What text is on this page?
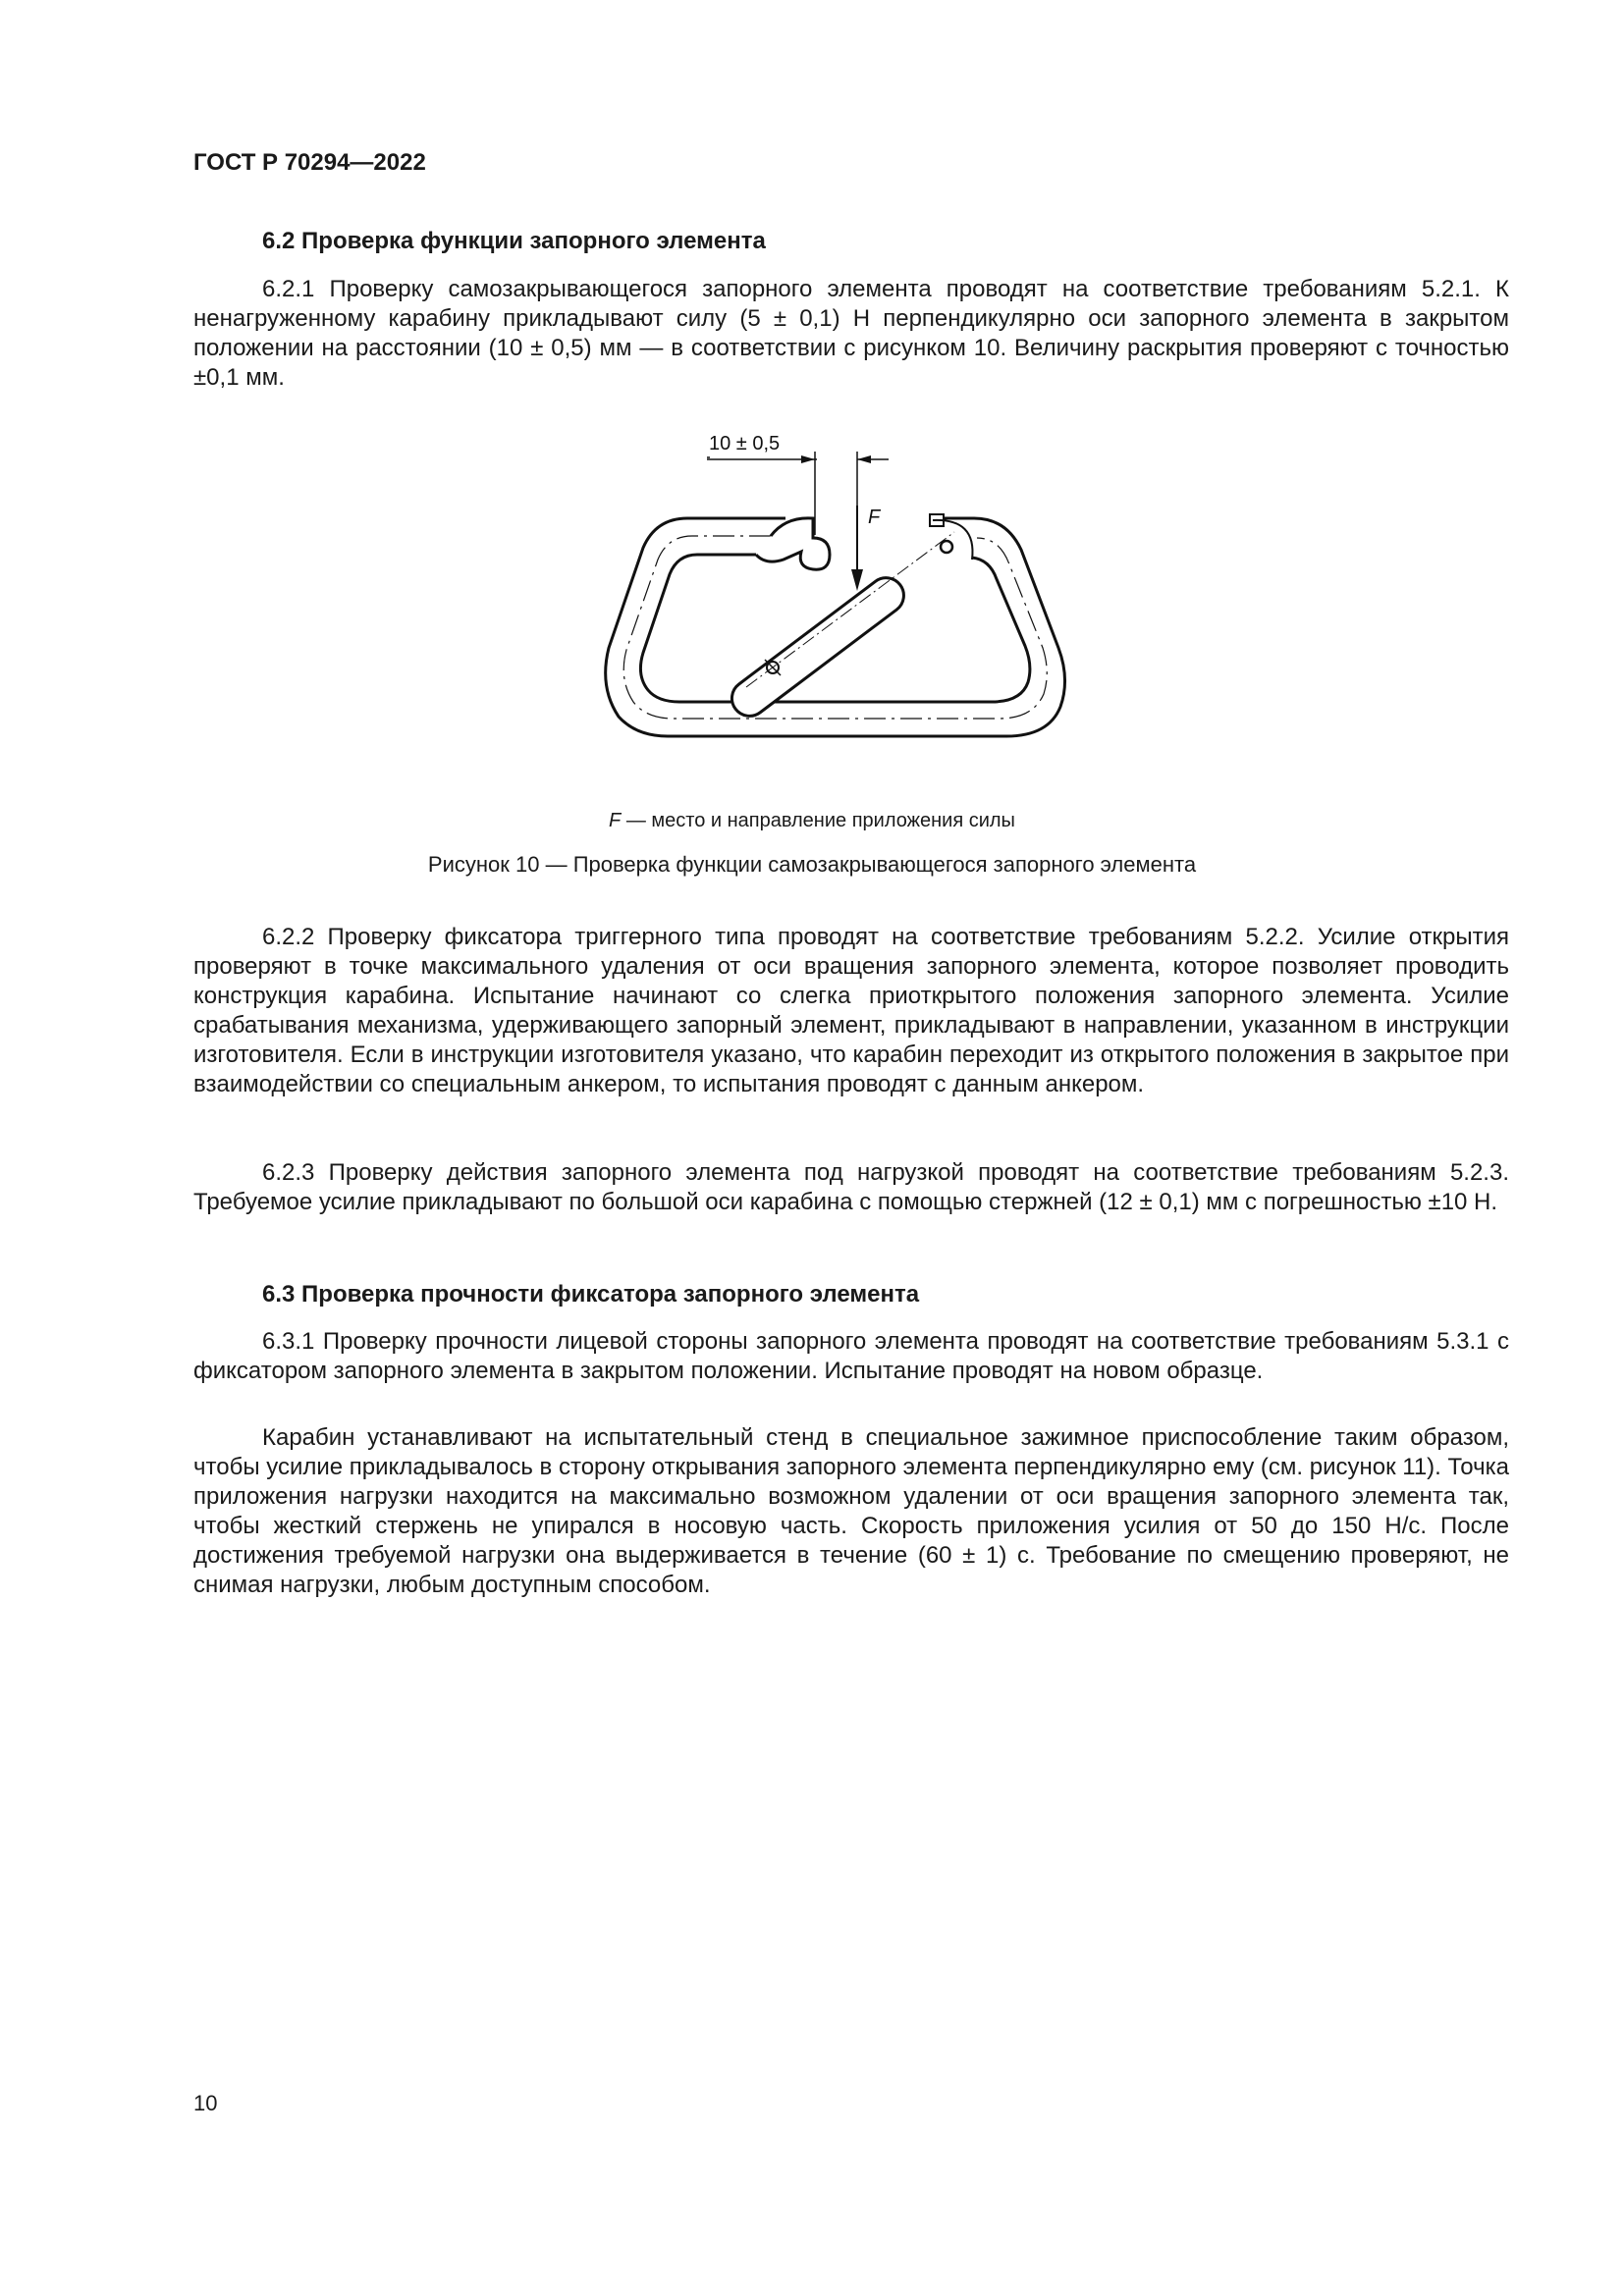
ГОСТ Р 70294—2022
6.2 Проверка функции запорного элемента

6.2.1 Проверку самозакрывающегося запорного элемента проводят на соответствие требованиям 5.2.1. К ненагруженному карабину прикладывают силу (5 ± 0,1) Н перпендикулярно оси запорного элемента в закрытом положении на расстоянии (10 ± 0,5) мм — в соответствии с рисунком 10. Величину раскрытия проверяют с точностью ±0,1 мм.

10 ± 0,5
F
F — место и направление приложения силы
Рисунок 10 — Проверка функции самозакрывающегося запорного элемента

6.2.2 Проверку фиксатора триггерного типа проводят на соответствие требованиям 5.2.2. Усилие открытия проверяют в точке максимального удаления от оси вращения запорного элемента, которое позволяет проводить конструкция карабина. Испытание начинают со слегка приоткрытого положения запорного элемента. Усилие срабатывания механизма, удерживающего запорный элемент, прикладывают в направлении, указанном в инструкции изготовителя. Если в инструкции изготовителя указано, что карабин переходит из открытого положения в закрытое при взаимодействии со специальным анкером, то испытания проводят с данным анкером.

6.2.3 Проверку действия запорного элемента под нагрузкой проводят на соответствие требованиям 5.2.3. Требуемое усилие прикладывают по большой оси карабина с помощью стержней (12 ± 0,1) мм с погрешностью ±10 Н.

6.3 Проверка прочности фиксатора запорного элемента

6.3.1 Проверку прочности лицевой стороны запорного элемента проводят на соответствие требованиям 5.3.1 с фиксатором запорного элемента в закрытом положении. Испытание проводят на новом образце.

Карабин устанавливают на испытательный стенд в специальное зажимное приспособление таким образом, чтобы усилие прикладывалось в сторону открывания запорного элемента перпендикулярно ему (см. рисунок 11). Точка приложения нагрузки находится на максимально возможном удалении от оси вращения запорного элемента так, чтобы жесткий стержень не упирался в носовую часть. Скорость приложения усилия от 50 до 150 Н/с. После достижения требуемой нагрузки она выдерживается в течение (60 ± 1) с. Требование по смещению проверяют, не снимая нагрузки, любым доступным способом.

10
